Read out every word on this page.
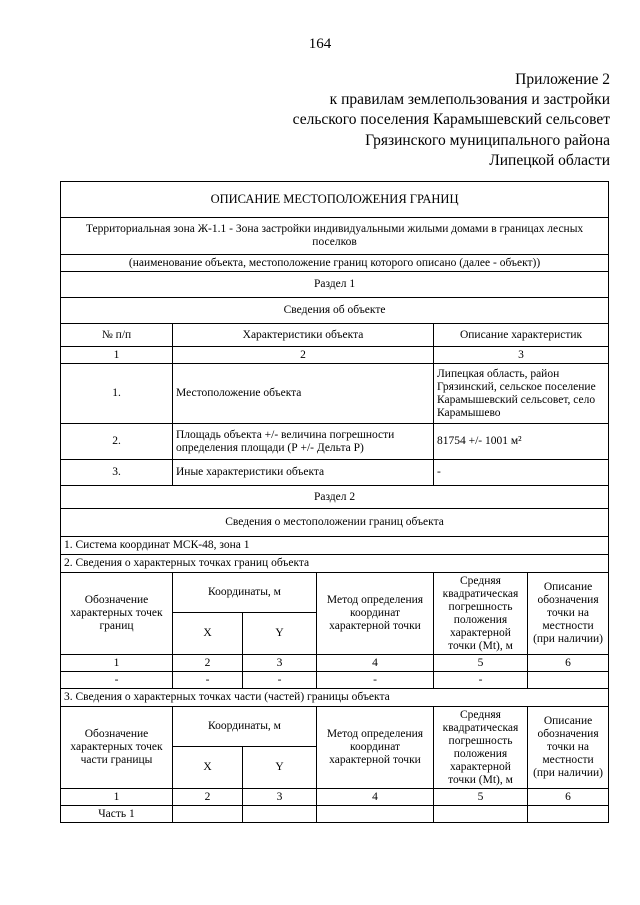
164
Приложение 2
к правилам землепользования и застройки
сельского поселения Карамышевский сельсовет
Грязинского муниципального района
Липецкой области
ОПИСАНИЕ МЕСТОПОЛОЖЕНИЯ ГРАНИЦ					
Территориальная зона Ж-1.1 - Зона застройки индивидуальными жилыми домами в границах лесных поселков					
(наименование объекта, местоположение границ которого описано (далее - объект))					
Раздел 1					
Сведения об объекте					
№ п/п	Характеристики объекта			Описание характеристик	
1	2			3	
1.	Местоположение объекта			Липецкая область, район Грязинский, сельское поселение Карамышевский сельсовет, село Карамышево	
2.	Площадь объекта +/- величина погрешности определения площади (Р +/- Дельта Р)			81754 +/- 1001 м²	
3.	Иные характеристики объекта			-	
Раздел 2					
Сведения о местоположении границ объекта					
1. Система координат МСК-48, зона 1					
2. Сведения о характерных точках границ объекта					
Обозначение характерных точек границ	Координаты, м		Метод определения координат характерной точки	Средняя квадратическая погрешность положения характерной точки (Mt), м	Описание обозначения точки на местности (при наличии)
	X	Y			
1	2	3	4	5	6
-	-	-	-	-	
3. Сведения о характерных точках части (частей) границы объекта					
Обозначение характерных точек части границы	Координаты, м		Метод определения координат характерной точки	Средняя квадратическая погрешность положения характерной точки (Mt), м	Описание обозначения точки на местности (при наличии)
	X	Y			
1	2	3	4	5	6
Часть 1					
